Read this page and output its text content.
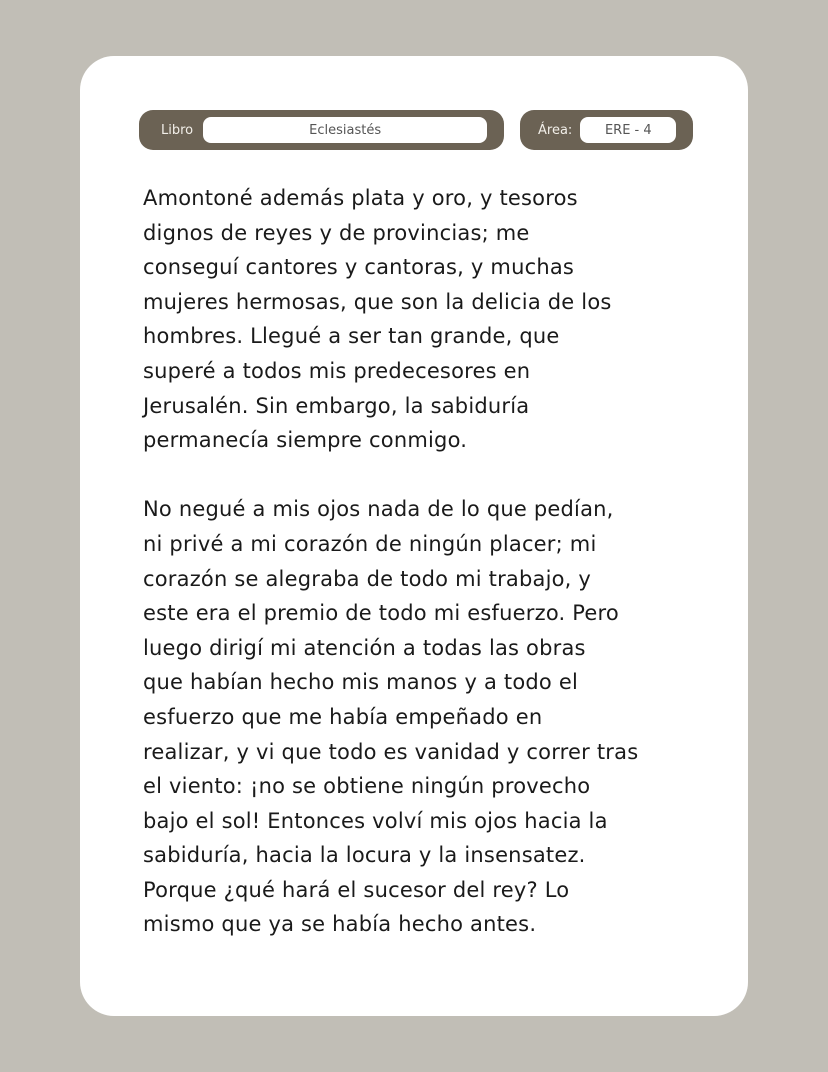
Libro	Eclesiastés	Área:	ERE - 4
Amontoné además plata y oro, y tesoros
dignos de reyes y de provincias; me
conseguí cantores y cantoras, y muchas
mujeres hermosas, que son la delicia de los
hombres. Llegué a ser tan grande, que
superé a todos mis predecesores en
Jerusalén. Sin embargo, la sabiduría
permanecía siempre conmigo.
No negué a mis ojos nada de lo que pedían,
ni privé a mi corazón de ningún placer; mi
corazón se alegraba de todo mi trabajo, y
este era el premio de todo mi esfuerzo. Pero
luego dirigí mi atención a todas las obras
que habían hecho mis manos y a todo el
esfuerzo que me había empeñado en
realizar, y vi que todo es vanidad y correr tras
el viento: ¡no se obtiene ningún provecho
bajo el sol! Entonces volví mis ojos hacia la
sabiduría, hacia la locura y la insensatez.
Porque ¿qué hará el sucesor del rey? Lo
mismo que ya se había hecho antes.
